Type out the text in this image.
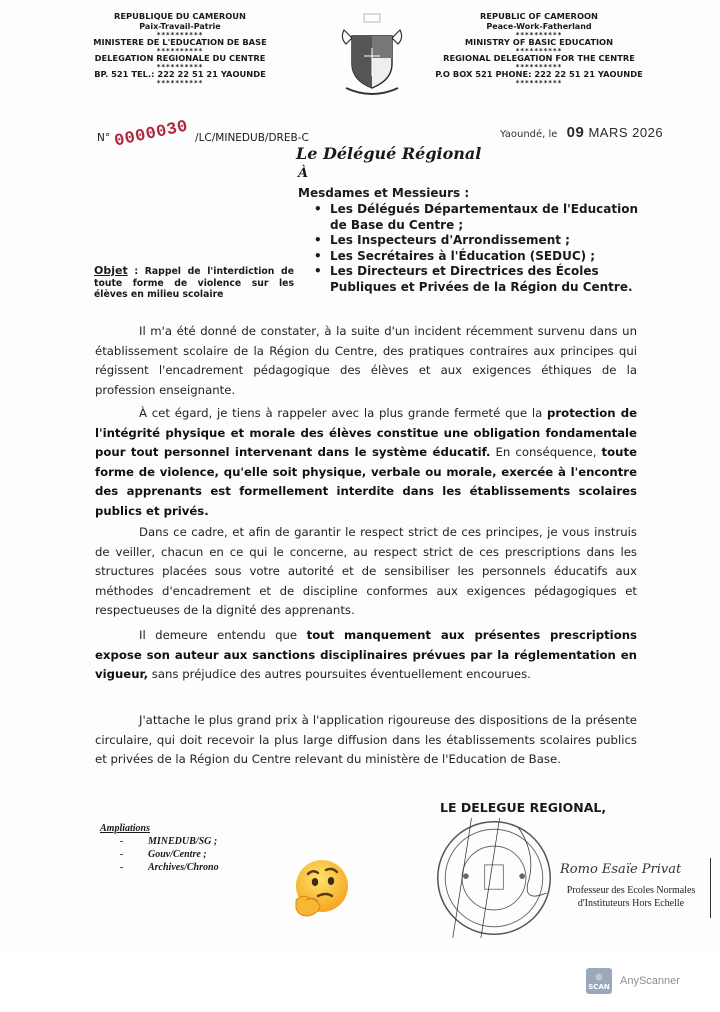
REPUBLIQUE DU CAMEROUN
Paix-Travail-Patrie
**********
MINISTERE DE L'EDUCATION DE BASE
**********
DELEGATION REGIONALE DU CENTRE
**********
BP. 521 TEL.: 222 22 51 21 YAOUNDE
**********
REPUBLIC OF CAMEROON
Peace-Work-Fatherland
**********
MINISTRY OF BASIC EDUCATION
**********
REGIONAL DELEGATION FOR THE CENTRE
**********
P.O BOX 521 PHONE: 222 22 51 21 YAOUNDE
**********
N° 0000030 /LC/MINEDUB/DREB-C	Yaoundé, le 09 MARS 2026
Le Délégué Régional
À
Mesdames et Messieurs :
• Les Délégués Départementaux de l'Education de Base du Centre ;
• Les Inspecteurs d'Arrondissement ;
• Les Secrétaires à l'Éducation (SEDUC) ;
• Les Directeurs et Directrices des Écoles Publiques et Privées de la Région du Centre.
Objet : Rappel de l'interdiction de toute forme de violence sur les élèves en milieu scolaire

Il m'a été donné de constater, à la suite d'un incident récemment survenu dans un établissement scolaire de la Région du Centre, des pratiques contraires aux principes qui régissent l'encadrement pédagogique des élèves et aux exigences éthiques de la profession enseignante.

À cet égard, je tiens à rappeler avec la plus grande fermeté que la protection de l'intégrité physique et morale des élèves constitue une obligation fondamentale pour tout personnel intervenant dans le système éducatif. En conséquence, toute forme de violence, qu'elle soit physique, verbale ou morale, exercée à l'encontre des apprenants est formellement interdite dans les établissements scolaires publics et privés.

Dans ce cadre, et afin de garantir le respect strict de ces principes, je vous instruis de veiller, chacun en ce qui le concerne, au respect strict de ces prescriptions dans les structures placées sous votre autorité et de sensibiliser les personnels éducatifs aux méthodes d'encadrement et de discipline conformes aux exigences pédagogiques et respectueuses de la dignité des apprenants.

Il demeure entendu que tout manquement aux présentes prescriptions expose son auteur aux sanctions disciplinaires prévues par la réglementation en vigueur, sans préjudice des autres poursuites éventuellement encourues.

J'attache le plus grand prix à l'application rigoureuse des dispositions de la présente circulaire, qui doit recevoir la plus large diffusion dans les établissements scolaires publics et privées de la Région du Centre relevant du ministère de l'Education de Base.

LE DELEGUE REGIONAL,
Romo Esaïe Privat
Professeur des Ecoles Normales
d'Instituteurs Hors Echelle
Ampliations
- MINEDUB/SG ;
- Gouv/Centre ;
- Archives/Chrono
◎
SCAN AnyScanner
